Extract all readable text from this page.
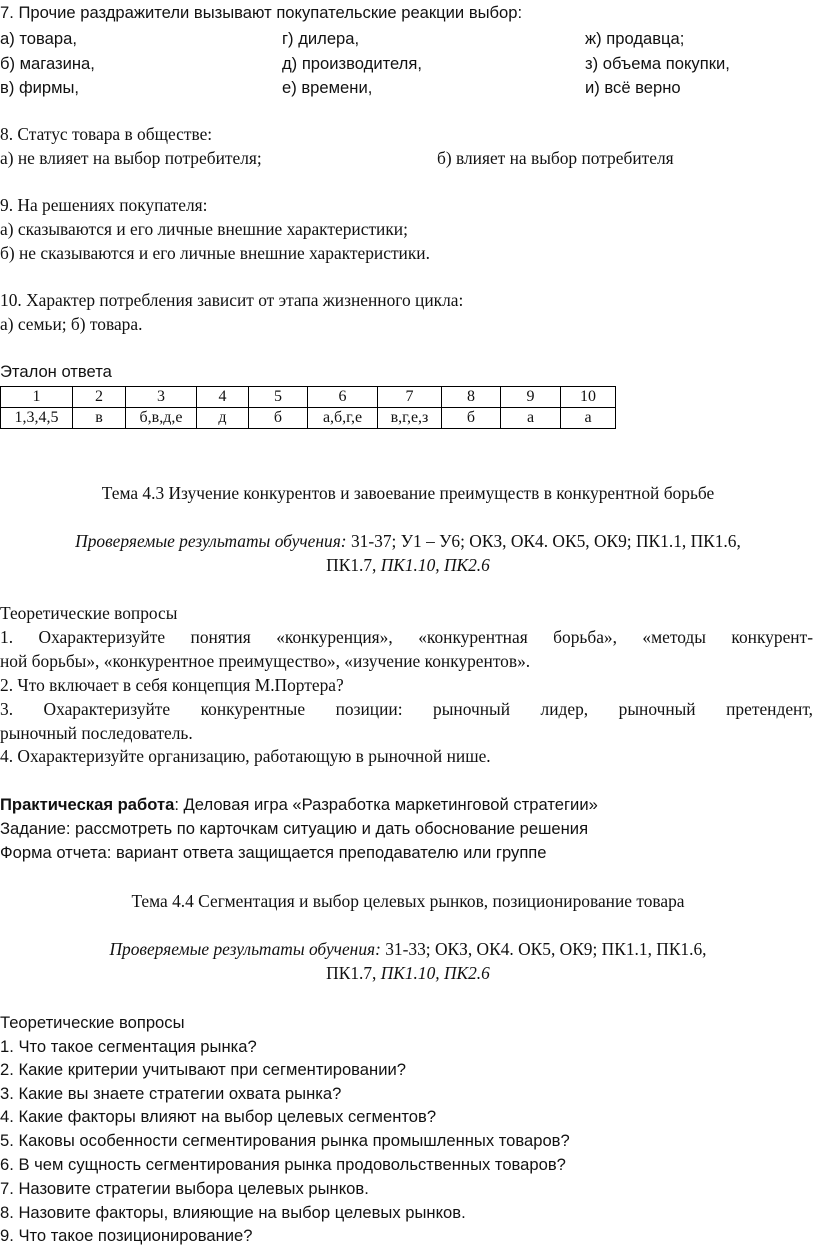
7. Прочие раздражители вызывают покупательские реакции выбор:
а) товара,	г) дилера,	ж) продавца;
б) магазина,	д) производителя,	з) объема покупки,
в) фирмы,	е) времени,	и) всё верно
8. Статус товара в обществе:
а) не влияет на выбор потребителя;	б) влияет на выбор потребителя
9. На решениях покупателя:
а) сказываются и его личные внешние характеристики;
б) не сказываются и его личные внешние характеристики.
10. Характер потребления зависит от этапа жизненного цикла:
а) семьи; б) товара.
Эталон ответа
1	2	3	4	5	6	7	8	9	10
1,3,4,5	в	б,в,д,е	д	б	а,б,г,е	в,г,е,з	б	а	а
Тема 4.3 Изучение конкурентов и завоевание преимуществ в конкурентной борьбе
Проверяемые результаты обучения: 31-37; У1 – У6; ОКЗ, ОК4. ОК5, ОК9; ПК1.1, ПК1.6,
ПК1.7, ПК1.10, ПК2.6
Теоретические вопросы
1. Охарактеризуйте понятия «конкуренция», «конкурентная борьба», «методы конкурент-
ной борьбы», «конкурентное преимущество», «изучение конкурентов».
2. Что включает в себя концепция М.Портера?
3. Охарактеризуйте конкурентные позиции: рыночный лидер, рыночный претендент,
рыночный последователь.
4. Охарактеризуйте организацию, работающую в рыночной нише.
Практическая работа: Деловая игра «Разработка маркетинговой стратегии»
Задание: рассмотреть по карточкам ситуацию и дать обоснование решения
Форма отчета: вариант ответа защищается преподавателю или группе
Тема 4.4 Сегментация и выбор целевых рынков, позиционирование товара
Проверяемые результаты обучения: 31-33; ОКЗ, ОК4. ОК5, ОК9; ПК1.1, ПК1.6,
ПК1.7, ПК1.10, ПК2.6
Теоретические вопросы
1. Что такое сегментация рынка?
2. Какие критерии учитывают при сегментировании?
3. Какие вы знаете стратегии охвата рынка?
4. Какие факторы влияют на выбор целевых сегментов?
5. Каковы особенности сегментирования рынка промышленных товаров?
6. В чем сущность сегментирования рынка продовольственных товаров?
7. Назовите стратегии выбора целевых рынков.
8. Назовите факторы, влияющие на выбор целевых рынков.
9. Что такое позиционирование?
